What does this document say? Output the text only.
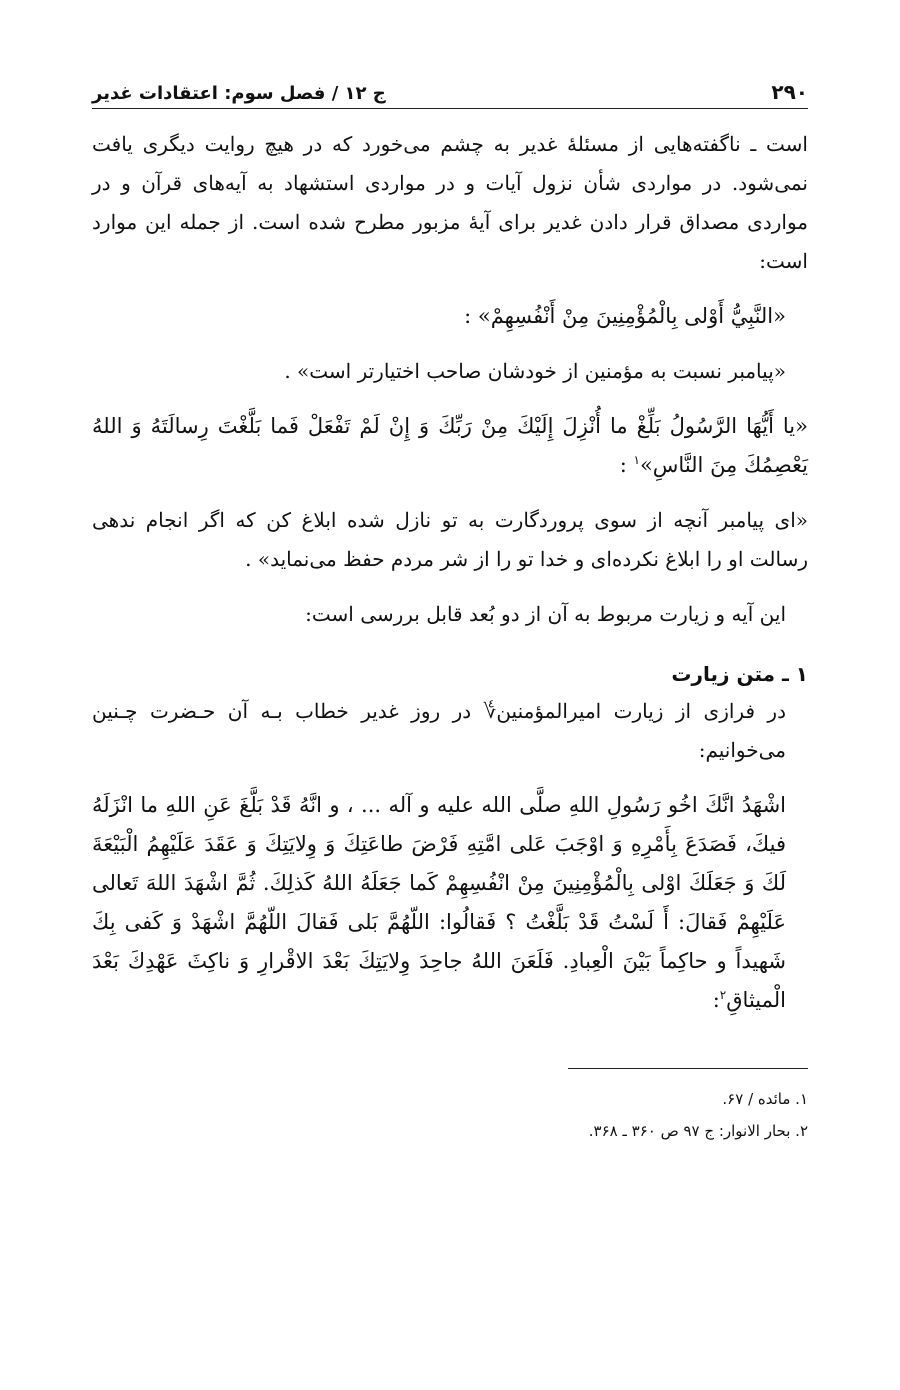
۲۹۰
ج ۱۲ / فصل سوم: اعتقادات غدیر

است ـ ناگفته‌هایی از مسئلهٔ غدیر به چشم می‌خورد که در هیچ روایت دیگری یافت نمی‌شود. در مواردی شأن نزول آیات و در مواردی استشهاد به آیه‌های قرآن و در مواردی مصداق قرار دادن غدیر برای آیهٔ مزبور مطرح شده است. از جمله این موارد است:

«النَّبِيُّ أَوْلى بِالْمُؤْمِنِينَ مِنْ أَنْفُسِهِمْ» :

«پیامبر نسبت به مؤمنین از خودشان صاحب اختیارتر است» .

«يا أَيُّهَا الرَّسُولُ بَلِّغْ ما أُنْزِلَ إِلَيْكَ مِنْ رَبِّكَ وَ إِنْ لَمْ تَفْعَلْ فَما بَلَّغْتَ رِسالَتَهُ وَ اللهُ يَعْصِمُكَ مِنَ النَّاسِ»$^۱$ :

«ای پیامبر آنچه از سوی پروردگارت به تو نازل شده ابلاغ کن که اگر انجام ندهی رسالت او را ابلاغ نکرده‌ای و خدا تو را از شر مردم حفظ می‌نماید» .

این آیه و زیارت مربوط به آن از دو بُعد قابل بررسی است:

۱ ـ متن زیارت

در فرازی از زیارت امیرالمؤمنین‌؇ در روز غدیر خطاب بـه آن حـضرت چـنین می‌خوانیم:

اشْهَدُ انَّكَ اخُو رَسُولِ اللهِ صلَّى الله عليه و آله ... ، و انَّهُ قَدْ بَلَّغَ عَنِ اللهِ ما انْزَلَهُ فيكَ، فَصَدَعَ بِأَمْرِهِ وَ اوْجَبَ عَلى امَّتِهِ فَرْضَ طاعَتِكَ وَ وِلايَتِكَ وَ عَقَدَ عَلَيْهِمُ الْبَيْعَةَ لَكَ وَ جَعَلَكَ اوْلى بِالْمُؤْمِنِينَ مِنْ انْفُسِهِمْ كَما جَعَلَهُ اللهُ كَذلِكَ. ثُمَّ اشْهَدَ اللهَ تَعالى عَلَيْهِمْ فَقالَ: أَ لَسْتُ قَدْ بَلَّغْتُ ؟ فَقالُوا: اللّهُمَّ بَلى فَقالَ اللّهُمَّ اشْهَدْ وَ كَفى بِكَ شَهيداً و حاكِماً بَيْنَ الْعِبادِ. فَلَعَنَ اللهُ جاحِدَ وِلايَتِكَ بَعْدَ الاقْرارِ وَ ناكِثَ عَهْدِكَ بَعْدَ الْميثاقِ$^۲$:

۱. مائده / ۶۷.
۲. بحار الانوار: ج ۹۷ ص ۳۶۰ ـ ۳۶۸.
